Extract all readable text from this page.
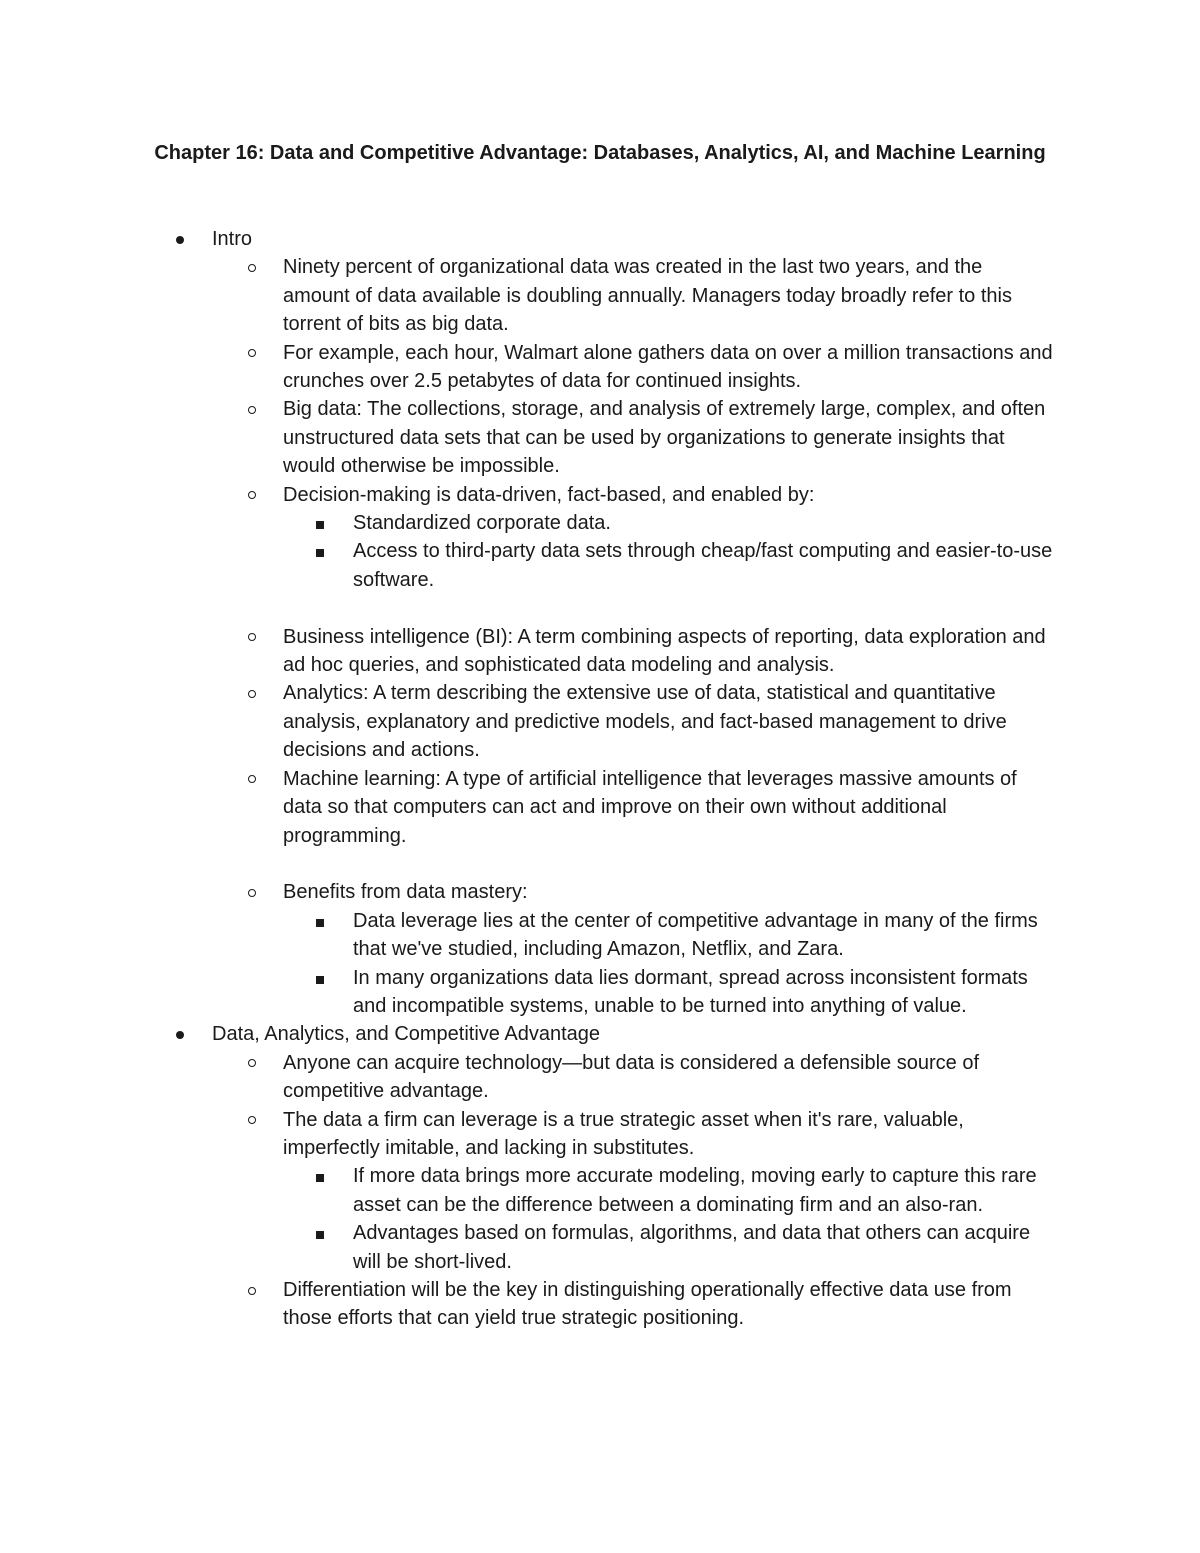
Chapter 16: Data and Competitive Advantage: Databases, Analytics, AI, and Machine Learning
Intro
Ninety percent of organizational data was created in the last two years, and the amount of data available is doubling annually. Managers today broadly refer to this torrent of bits as big data.
For example, each hour, Walmart alone gathers data on over a million transactions and crunches over 2.5 petabytes of data for continued insights.
Big data: The collections, storage, and analysis of extremely large, complex, and often unstructured data sets that can be used by organizations to generate insights that would otherwise be impossible.
Decision-making is data-driven, fact-based, and enabled by:
Standardized corporate data.
Access to third-party data sets through cheap/fast computing and easier-to-use software.
Business intelligence (BI): A term combining aspects of reporting, data exploration and ad hoc queries, and sophisticated data modeling and analysis.
Analytics: A term describing the extensive use of data, statistical and quantitative analysis, explanatory and predictive models, and fact-based management to drive decisions and actions.
Machine learning: A type of artificial intelligence that leverages massive amounts of data so that computers can act and improve on their own without additional programming.
Benefits from data mastery:
Data leverage lies at the center of competitive advantage in many of the firms that we've studied, including Amazon, Netflix, and Zara.
In many organizations data lies dormant, spread across inconsistent formats and incompatible systems, unable to be turned into anything of value.
Data, Analytics, and Competitive Advantage
Anyone can acquire technology—but data is considered a defensible source of competitive advantage.
The data a firm can leverage is a true strategic asset when it's rare, valuable, imperfectly imitable, and lacking in substitutes.
If more data brings more accurate modeling, moving early to capture this rare asset can be the difference between a dominating firm and an also-ran.
Advantages based on formulas, algorithms, and data that others can acquire will be short-lived.
Differentiation will be the key in distinguishing operationally effective data use from those efforts that can yield true strategic positioning.
